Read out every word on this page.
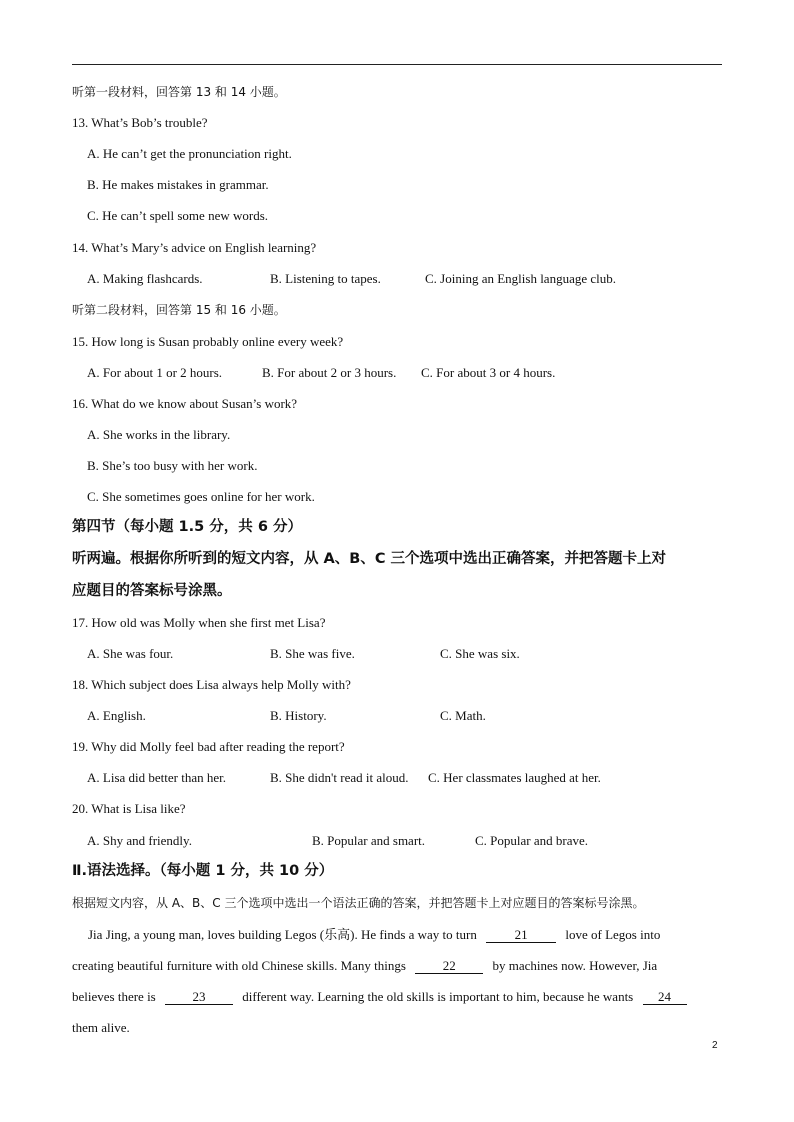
听第一段材料，回答第 13 和 14 小题。
13. What’s Bob’s trouble?
A. He can’t get the pronunciation right.
B. He makes mistakes in grammar.
C. He can’t spell some new words.
14. What’s Mary’s advice on English learning?
A. Making flashcards.	B. Listening to tapes.	C. Joining an English language club.
听第二段材料，回答第 15 和 16 小题。
15. How long is Susan probably online every week?
A. For about 1 or 2 hours.	B. For about 2 or 3 hours. C. For about 3 or 4 hours.
16. What do we know about Susan’s work?
A. She works in the library.
B. She’s too busy with her work.
C. She sometimes goes online for her work.
第四节（每小题 1.5 分，共 6 分）
听两遍。根据你所听到的短文内容，从 A、B、C 三个选项中选出正确答案，并把答题卡上对
应题目的答案标号涂黑。
17. How old was Molly when she first met Lisa?
A. She was four.	B. She was five.	C. She was six.
18. Which subject does Lisa always help Molly with?
A. English.	B. History.	C. Math.
19. Why did Molly feel bad after reading the report?
A. Lisa did better than her.	B. She didn't read it aloud. C. Her classmates laughed at her.
20. What is Lisa like?
A. Shy and friendly.	B. Popular and smart.	C. Popular and brave.
Ⅱ.语法选择。（每小题 1 分，共 10 分）
根据短文内容，从 A、B、C 三个选项中选出一个语法正确的答案，并把答题卡上对应题目的答案标号涂黑。
Jia Jing, a young man, loves building Legos (乐高). He finds a way to turn	21	love of Legos into
creating beautiful furniture with old Chinese skills. Many things	22	by machines now. However, Jia
believes there is	23	different way. Learning the old skills is important to him, because he wants 24
them alive.
2
